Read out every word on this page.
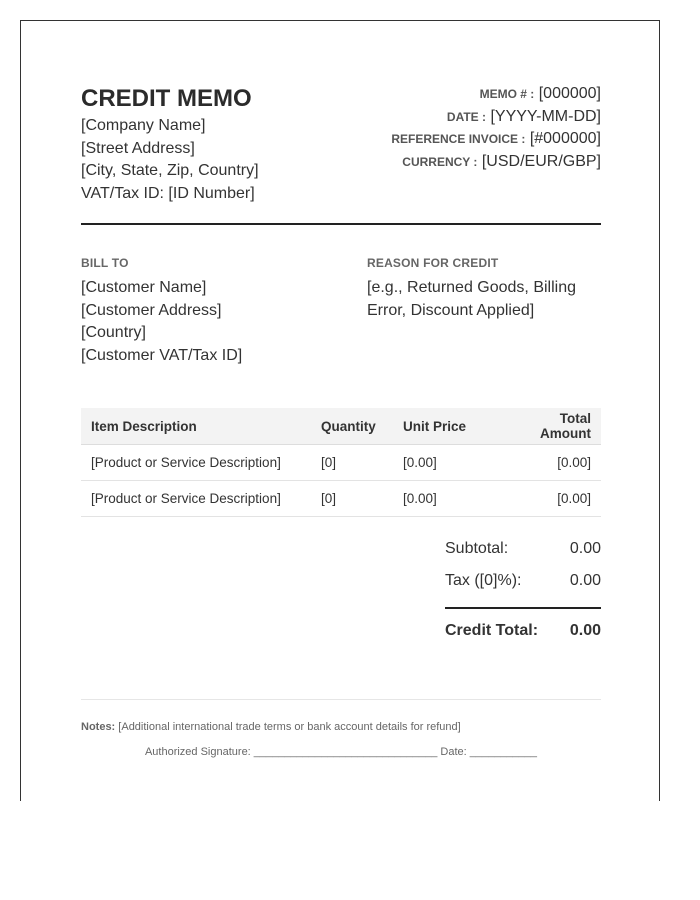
CREDIT MEMO
[Company Name]
[Street Address]
[City, State, Zip, Country]
VAT/Tax ID: [ID Number]
MEMO # : [000000]
DATE : [YYYY-MM-DD]
REFERENCE INVOICE : [#000000]
CURRENCY : [USD/EUR/GBP]
BILL TO
[Customer Name]
[Customer Address]
[Country]
[Customer VAT/Tax ID]
REASON FOR CREDIT
[e.g., Returned Goods, Billing Error, Discount Applied]
Item Description	Quantity	Unit Price	Total Amount
[Product or Service Description]	[0]	[0.00]	[0.00]
[Product or Service Description]	[0]	[0.00]	[0.00]
Subtotal:	0.00
Tax ([0]%):	0.00
Credit Total: 0.00
Notes: [Additional international trade terms or bank account details for refund]
Authorized Signature: ______________________________ Date: ___________
